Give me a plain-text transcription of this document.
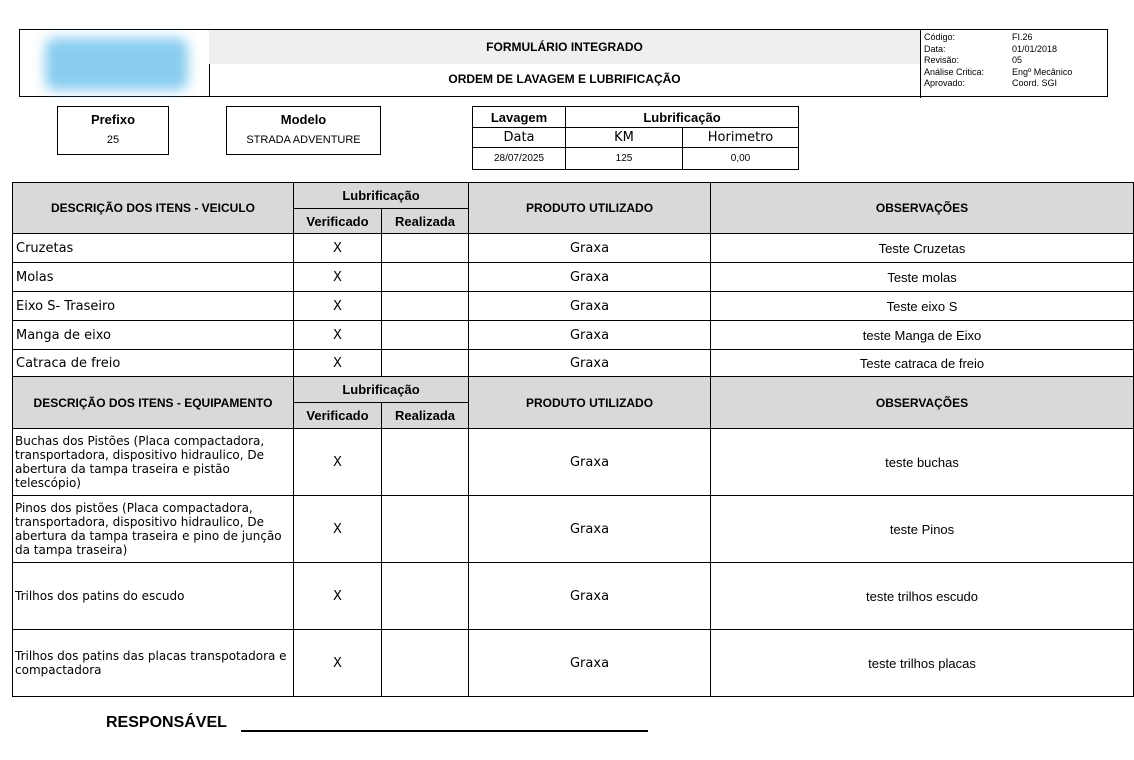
FORMULÁRIO INTEGRADO
ORDEM DE LAVAGEM E LUBRIFICAÇÃO
Código:	FI.26
Data:	01/01/2018
Revisão:	05
Análise Critica:	Engº Mecânico
Aprovado:	Coord. SGI
Prefixo
25
Modelo
STRADA ADVENTURE
Lavagem	Lubrificação	
Data	KM	Horimetro
28/07/2025	125	0,00
DESCRIÇÃO DOS ITENS - VEICULO	Lubrificação		PRODUTO UTILIZADO	OBSERVAÇÕES
	Verificado	Realizada		
Cruzetas	X		Graxa	Teste Cruzetas
Molas	X		Graxa	Teste molas
Eixo S- Traseiro	X		Graxa	Teste eixo S
Manga de eixo	X		Graxa	teste Manga de Eixo
Catraca de freio	X		Graxa	Teste catraca de freio
DESCRIÇÃO DOS ITENS - EQUIPAMENTO	Lubrificação		PRODUTO UTILIZADO	OBSERVAÇÕES
	Verificado	Realizada		
Buchas dos Pistões (Placa compactadora, transportadora, dispositivo hidraulico, De abertura da tampa traseira e pistão telescópio)	X		Graxa	teste buchas
Pinos dos pistões (Placa compactadora, transportadora, dispositivo hidraulico, De abertura da tampa traseira e pino de junção da tampa traseira)	X		Graxa	teste Pinos
Trilhos dos patins do escudo	X		Graxa	teste trilhos escudo
Trilhos dos patins das placas transpotadora e compactadora	X		Graxa	teste trilhos placas
RESPONSÁVEL
